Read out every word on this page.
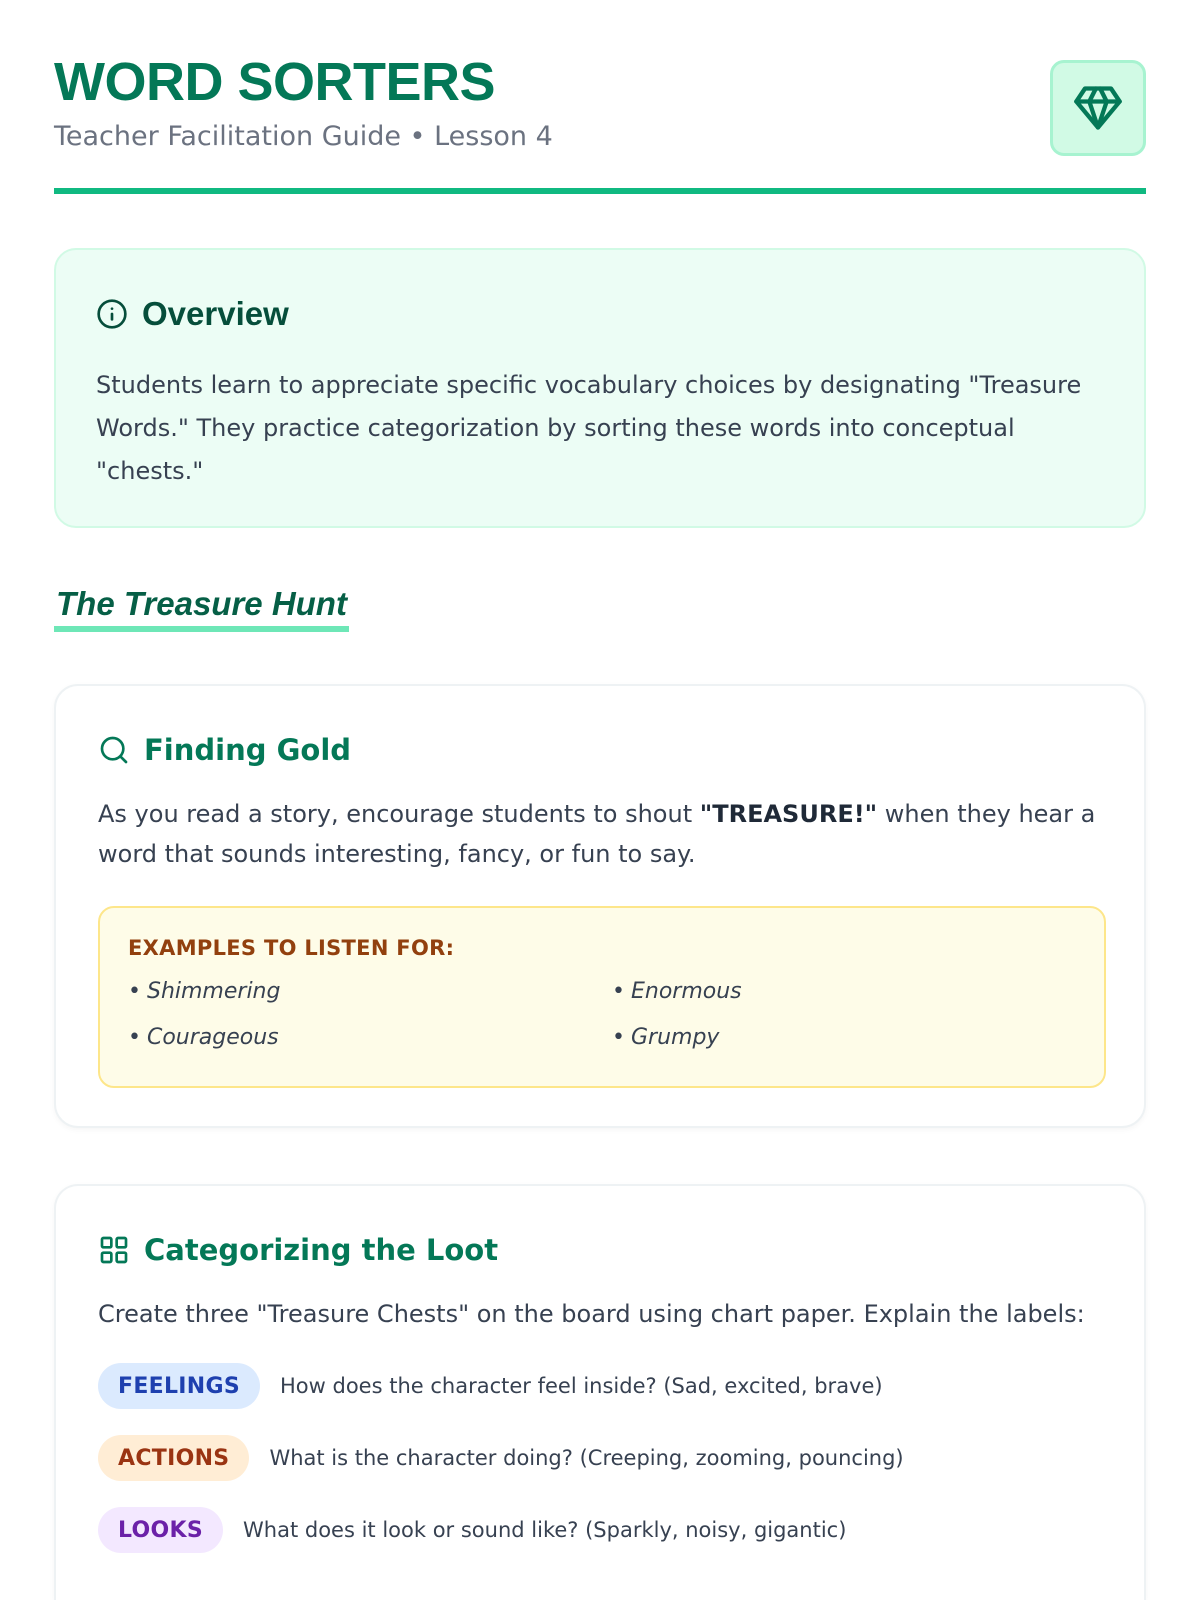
WORD SORTERS
Teacher Facilitation Guide • Lesson 4
Overview
Students learn to appreciate specific vocabulary choices by designating "Treasure Words." They practice categorization by sorting these words into conceptual "chests."
The Treasure Hunt
Finding Gold
As you read a story, encourage students to shout "TREASURE!" when they hear a word that sounds interesting, fancy, or fun to say.
EXAMPLES TO LISTEN FOR:
• Shimmering	• Enormous
• Courageous	• Grumpy
Categorizing the Loot
Create three "Treasure Chests" on the board using chart paper. Explain the labels:
FEELINGS	How does the character feel inside? (Sad, excited, brave)
ACTIONS	What is the character doing? (Creeping, zooming, pouncing)
LOOKS	What does it look or sound like? (Sparkly, noisy, gigantic)
